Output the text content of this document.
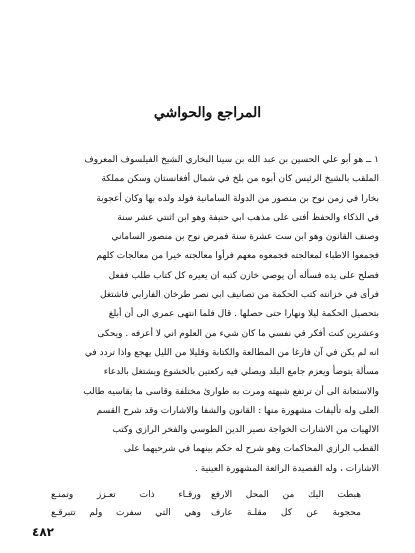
المراجع والحواشي
١ ــ هو أبو علي الحسين بن عبد الله بن سينا البخاري الشيخ الفيلسوف المعروف
الملقب بالشيخ الرئيس كان أبوه من بلخ في شمال أفغانستان وسكن مملكة
بخارا في زمن نوح بن منصور من الدولة السامانية فولد ولده بها وكان أعجوبة
في الذكاء والحفظ أفتى على مذهب ابي حنيفة وهو ابن اثنتي عشر سنة
وصنف القانون وهو ابن ست عشرة سنة فمرض نوح بن منصور الساماني
فجمعوا الاطباء لمعالجته فجمعوه معهم فرأوا معالجته خيرا من معالجات كلهم
فصلح على يده فسأله أن يوصي خازن كتبه ان يعيره كل كتاب طلب ففعل
فرأى في خزانته كتب الحكمة من تصانيف ابي نصر طرخان الفارابي فاشتغل
بتحصيل الحكمة ليلا ونهارا حتى حصلها . قال فلما انتهى عمري الى أن أبلغ
وعشرين كنت أفكر في نفسي ما كان شيء من العلوم اني لا أعرفه . ويحكى
انه لم يكن في آن فارغا من المطالعة والكتابة وقليلا من الليل يهجع واذا تردد في
مسألة يتوضأ ويعزم جامع البلد ويصلي فيه ركعتين بالخشوع ويشتغل بالدعاء
والاستعانة الى أن ترتفع شبهته ومرت به طوارئ مختلفة وقاسى ما يقاسيه طالب
العلى وله تأليفات مشهورة منها : القانون والشفا والاشارات وقد شرح القسم
الالهيات من الاشارات الخواجة نصير الدين الطوسي والفخر الرازي وكتب
القطب الرازي المحاكمات وهو شرح له حكم بينهما في شرحيهما على
الاشارات ، وله القصيدة الرائعة المشهورة العينية .
هبطت اليك من المحل الارفع
ورقـاء ذات تعـزز وتمنـع
محجوبة عن كل مقلـة عارف
وهي التي سفرت ولم تتبرقـع
٤٨٢
